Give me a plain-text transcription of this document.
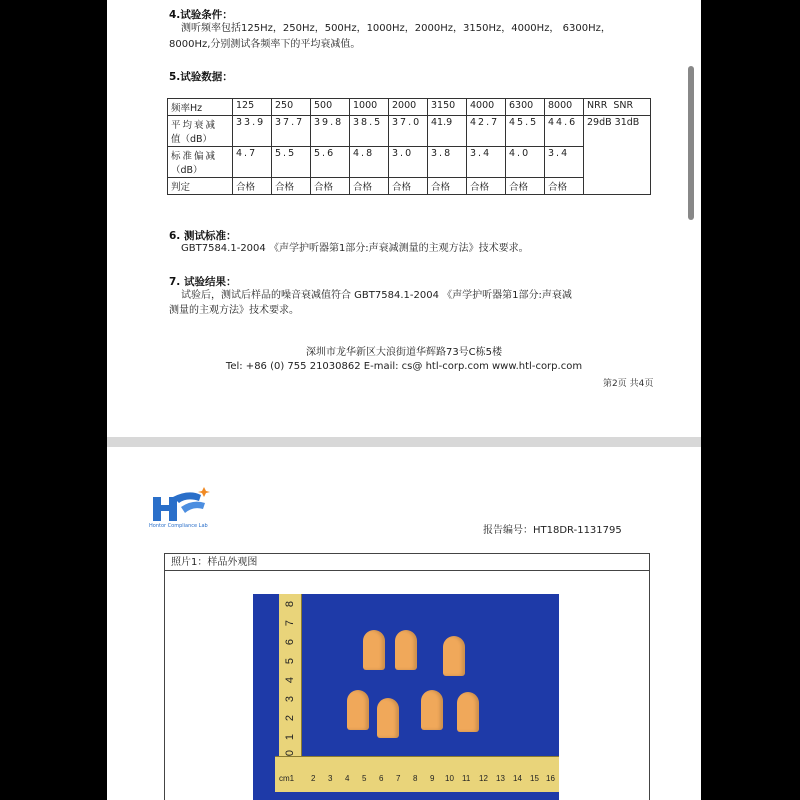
4.试验条件：
测听频率包括125Hz，250Hz，500Hz，1000Hz，2000Hz，3150Hz，4000Hz， 6300Hz，
8000Hz,分别测试各频率下的平均衰减值。
5.试验数据：
频率Hz	125	250	500	1000	2000	3150	4000	6300	8000	NRR SNR

平均衰减
值（dB）	33.9	37.7	39.8	38.5	37.0	41.9	42.7	45.5	44.6	29dB 31dB

标准偏减
（dB）	4.7	5.5	5.6	4.8	3.0	3.8	3.4	4.0	3.4	
判定	合格	合格	合格	合格	合格	合格	合格	合格	合格	
6. 测试标准：
GBT7584.1-2004 《声学护听器第1部分:声衰减测量的主观方法》技术要求。
7. 试验结果：
试验后，测试后样品的噪音衰减值符合 GBT7584.1-2004 《声学护听器第1部分:声衰减
测量的主观方法》技术要求。
深圳市龙华新区大浪街道华辉路73号C栋5楼
Tel: +86 (0) 755 21030862 E-mail: cs@ htl-corp.com www.htl-corp.com
第2页 共4页
Hontor Compliance Lab	报告编号：HT18DR-1131795
照片1：样品外观图
8
7
6
5
4
3
2
1
0
cm1 2 3 4 5 6 7 8 9 10 11 12 13 14 15 16
